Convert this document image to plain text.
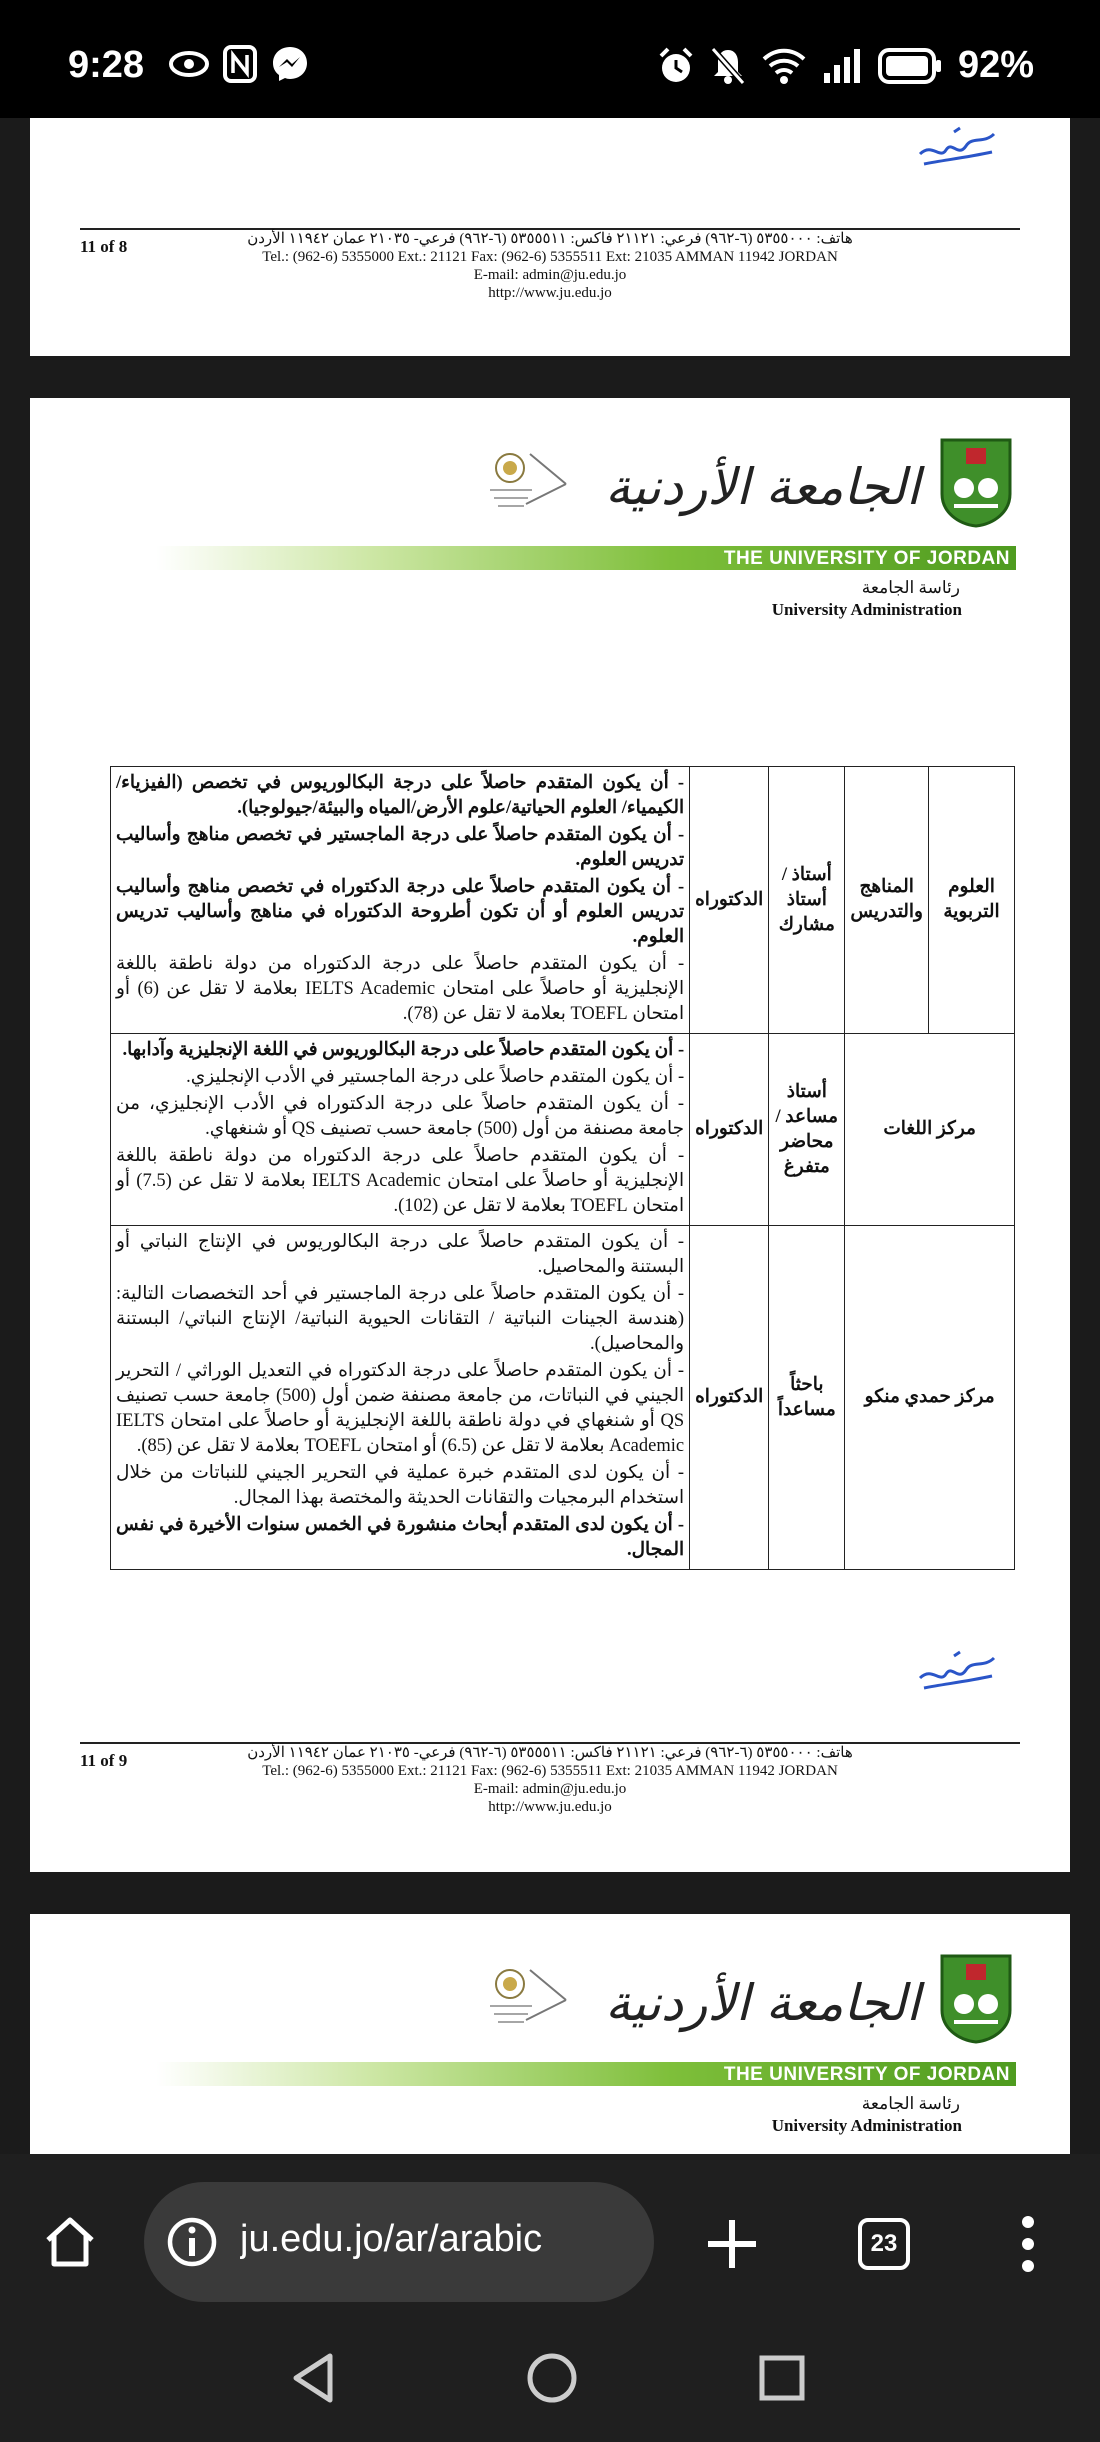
9:28	92%
11 of 8	هاتف: ٥٣٥٥٠٠٠ (٦-٩٦٢) فرعي: ٢١١٢١ فاكس: ٥٣٥٥٥١١ (٦-٩٦٢) فرعي- ٢١٠٣٥ عمان ١١٩٤٢ الأردن
Tel.: (962-6) 5355000 Ext.: 21121 Fax: (962-6) 5355511 Ext: 21035 AMMAN 11942 JORDAN
E-mail: admin@ju.edu.jo
http://www.ju.edu.jo
الجامعة الأردنية
THE UNIVERSITY OF JORDAN
رئاسة الجامعة
University Administration
العلوم التربوية	المناهج والتدريس	أستاذ / أستاذ مشارك	الدكتوراه	- أن يكون المتقدم حاصلاً على درجة البكالوريوس في تخصص (الفيزياء/ الكيمياء/ العلوم الحياتية/علوم الأرض/المياه والبيئة/جيولوجيا).
- أن يكون المتقدم حاصلاً على درجة الماجستير في تخصص مناهج وأساليب تدريس العلوم.
- أن يكون المتقدم حاصلاً على درجة الدكتوراه في تخصص مناهج وأساليب تدريس العلوم أو أن تكون أطروحة الدكتوراه في مناهج وأساليب تدريس العلوم.
- أن يكون المتقدم حاصلاً على درجة الدكتوراه من دولة ناطقة باللغة الإنجليزية أو حاصلاً على امتحان IELTS Academic بعلامة لا تقل عن (6) أو امتحان TOEFL بعلامة لا تقل عن (78).

مركز اللغات		أستاذ مساعد / محاضر متفرغ	الدكتوراه	- أن يكون المتقدم حاصلاً على درجة البكالوريوس في اللغة الإنجليزية وآدابها.
- أن يكون المتقدم حاصلاً على درجة الماجستير في الأدب الإنجليزي.
- أن يكون المتقدم حاصلاً على درجة الدكتوراه في الأدب الإنجليزي، من جامعة مصنفة من أول (500) جامعة حسب تصنيف QS أو شنغهاي.
- أن يكون المتقدم حاصلاً على درجة الدكتوراه من دولة ناطقة باللغة الإنجليزية أو حاصلاً على امتحان IELTS Academic بعلامة لا تقل عن (7.5) أو امتحان TOEFL بعلامة لا تقل عن (102).

مركز حمدي منكو		باحثاً مساعداً	الدكتوراه	- أن يكون المتقدم حاصلاً على درجة البكالوريوس في الإنتاج النباتي أو البستنة والمحاصيل.
- أن يكون المتقدم حاصلاً على درجة الماجستير في أحد التخصصات التالية: (هندسة الجينات النباتية / التقانات الحيوية النباتية/ الإنتاج النباتي/ البستنة والمحاصيل).
- أن يكون المتقدم حاصلاً على درجة الدكتوراه في التعديل الوراثي / التحرير الجيني في النباتات، من جامعة مصنفة ضمن أول (500) جامعة حسب تصنيف QS أو شنغهاي في دولة ناطقة باللغة الإنجليزية أو حاصلاً على امتحان IELTS Academic بعلامة لا تقل عن (6.5) أو امتحان TOEFL بعلامة لا تقل عن (85).
- أن يكون لدى المتقدم خبرة عملية في التحرير الجيني للنباتات من خلال استخدام البرمجيات والتقانات الحديثة والمختصة بهذا المجال.
- أن يكون لدى المتقدم أبحاث منشورة في الخمس سنوات الأخيرة في نفس المجال.
11 of 9	هاتف: ٥٣٥٥٠٠٠ (٦-٩٦٢) فرعي: ٢١١٢١ فاكس: ٥٣٥٥٥١١ (٦-٩٦٢) فرعي- ٢١٠٣٥ عمان ١١٩٤٢ الأردن
Tel.: (962-6) 5355000 Ext.: 21121 Fax: (962-6) 5355511 Ext: 21035 AMMAN 11942 JORDAN
E-mail: admin@ju.edu.jo
http://www.ju.edu.jo
الجامعة الأردنية
THE UNIVERSITY OF JORDAN
رئاسة الجامعة
University Administration
ju.edu.jo/ar/arabic	23
